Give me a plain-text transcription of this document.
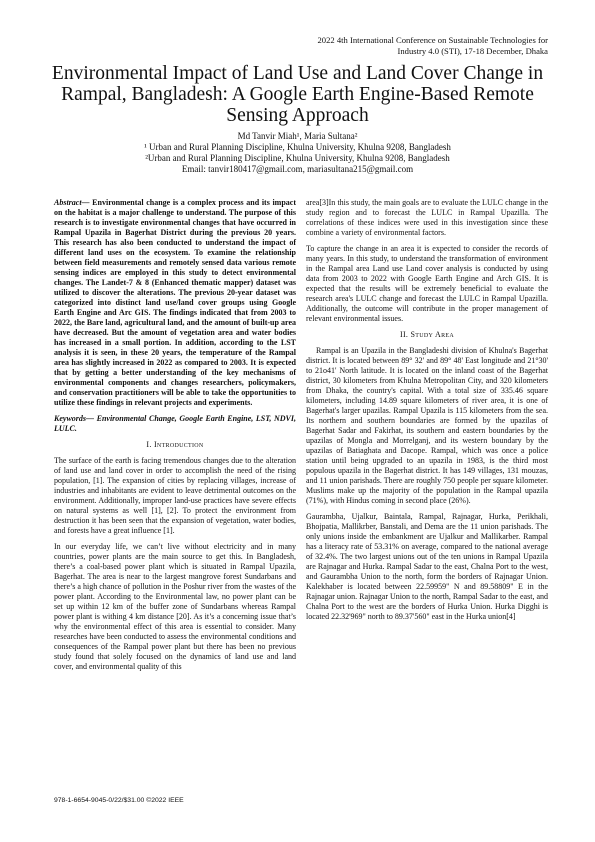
2022 4th International Conference on Sustainable Technologies for
Industry 4.0 (STI), 17-18 December, Dhaka
Environmental Impact of Land Use and Land Cover Change in Rampal, Bangladesh: A Google Earth Engine-Based Remote Sensing Approach
Md Tanvir Miah¹, Maria Sultana²
¹ Urban and Rural Planning Discipline, Khulna University, Khulna 9208, Bangladesh
²Urban and Rural Planning Discipline, Khulna University, Khulna 9208, Bangladesh
Email: tanvir180417@gmail.com, mariasultana215@gmail.com

Abstract— Environmental change is a complex process and its impact on the habitat is a major challenge to understand. The purpose of this research is to investigate environmental changes that have occurred in Rampal Upazila in Bagerhat District during the previous 20 years. This research has also been conducted to understand the impact of different land uses on the ecosystem. To examine the relationship between field measurements and remotely sensed data various remote sensing indices are employed in this study to detect environmental changes. The Landet-7 & 8 (Enhanced thematic mapper) dataset was utilized to discover the alterations. The previous 20-year dataset was categorized into distinct land use/land cover groups using Google Earth Engine and Arc GIS. The findings indicated that from 2003 to 2022, the Bare land, agricultural land, and the amount of built-up area have decreased. But the amount of vegetation area and water bodies has increased in a small portion. In addition, according to the LST analysis it is seen, in these 20 years, the temperature of the Rampal area has slightly increased in 2022 as compared to 2003. It is expected that by getting a better understanding of the key mechanisms of environmental components and changes researchers, policymakers, and conservation practitioners will be able to take the opportunities to utilize these findings in relevant projects and experiments.

Keywords— Environmental Change, Google Earth Engine, LST, NDVI, LULC.

I. Introduction

The surface of the earth is facing tremendous changes due to the alteration of land use and land cover in order to accomplish the need of the rising population, [1]. The expansion of cities by replacing villages, increase of industries and inhabitants are evident to leave detrimental outcomes on the environment. Additionally, improper land-use practices have severe effects on natural systems as well [1], [2]. To protect the environment from destruction it has been seen that the expansion of vegetation, water bodies, and forests have a great influence [1].

In our everyday life, we can’t live without electricity and in many countries, power plants are the main source to get this. In Bangladesh, there’s a coal-based power plant which is situated in Rampal Upazila, Bagerhat. The area is near to the largest mangrove forest Sundarbans and there’s a high chance of pollution in the Poshur river from the wastes of the power plant. According to the Environmental law, no power plant can be set up within 12 km of the buffer zone of Sundarbans whereas Rampal power plant is withing 4 km distance [20]. As it’s a concerning issue that’s why the environmental effect of this area is essential to consider. Many researches have been conducted to assess the environmental conditions and consequences of the Rampal power plant but there has been no previous study found that solely focused on the dynamics of land use and land cover, and environmental quality of this

area[3]In this study, the main goals are to evaluate the LULC change in the study region and to forecast the LULC in Rampal Upazilla. The correlations of these indices were used in this investigation since these combine a variety of environmental factors.

To capture the change in an area it is expected to consider the records of many years. In this study, to understand the transformation of environment in the Rampal area Land use Land cover analysis is conducted by using data from 2003 to 2022 with Google Earth Engine and Arch GIS. It is expected that the results will be extremely beneficial to evaluate the research area's LULC change and forecast the LULC in Rampal Upazilla. Additionally, the outcome will contribute in the proper management of relevant environmental issues.

II. Study Area

Rampal is an Upazila in the Bangladeshi division of Khulna's Bagerhat district. It is located between 89° 32' and 89° 48' East longitude and 21°30' to 21o41' North latitude. It is located on the inland coast of the Bagerhat district, 30 kilometers from Khulna Metropolitan City, and 320 kilometers from Dhaka, the country's capital. With a total size of 335.46 square kilometers, including 14.89 square kilometers of river area, it is one of Bagerhat's larger upazilas. Rampal Upazila is 115 kilometers from the sea. Its northern and southern boundaries are formed by the upazilas of Bagerhat Sadar and Fakirhat, its southern and eastern boundaries by the upazilas of Mongla and Morrelganj, and its western boundary by the upazilas of Batiaghata and Dacope. Rampal, which was once a police station until being upgraded to an upazila in 1983, is the third most populous upazila in the Bagerhat district. It has 149 villages, 131 mouzas, and 11 union parishads. There are roughly 750 people per square kilometer. Muslims make up the majority of the population in the Rampal upazila (71%), with Hindus coming in second place (26%).

Gaurambha, Ujalkur, Baintala, Rampal, Rajnagar, Hurka, Perikhali, Bhojpatia, Mallikrber, Banstali, and Dema are the 11 union parishads. The only unions inside the embankment are Ujalkur and Mallikarber. Rampal has a literacy rate of 53.31% on average, compared to the national average of 32.4%. The two largest unions out of the ten unions in Rampal Upazila are Rajnagar and Hurka. Rampal Sadar to the east, Chalna Port to the west, and Gaurambha Union to the north, form the borders of Rajnagar Union. Kalekhaber is located between 22.59959" N and 89.58809" E in the Rajnagar union. Rajnagar Union to the north, Rampal Sadar to the east, and Chalna Port to the west are the borders of Hurka Union. Hurka Digghi is located 22.32'969" north to 89.37'560" east in the Hurka union[4]

978-1-6654-9045-0/22/$31.00 ©2022 IEEE
